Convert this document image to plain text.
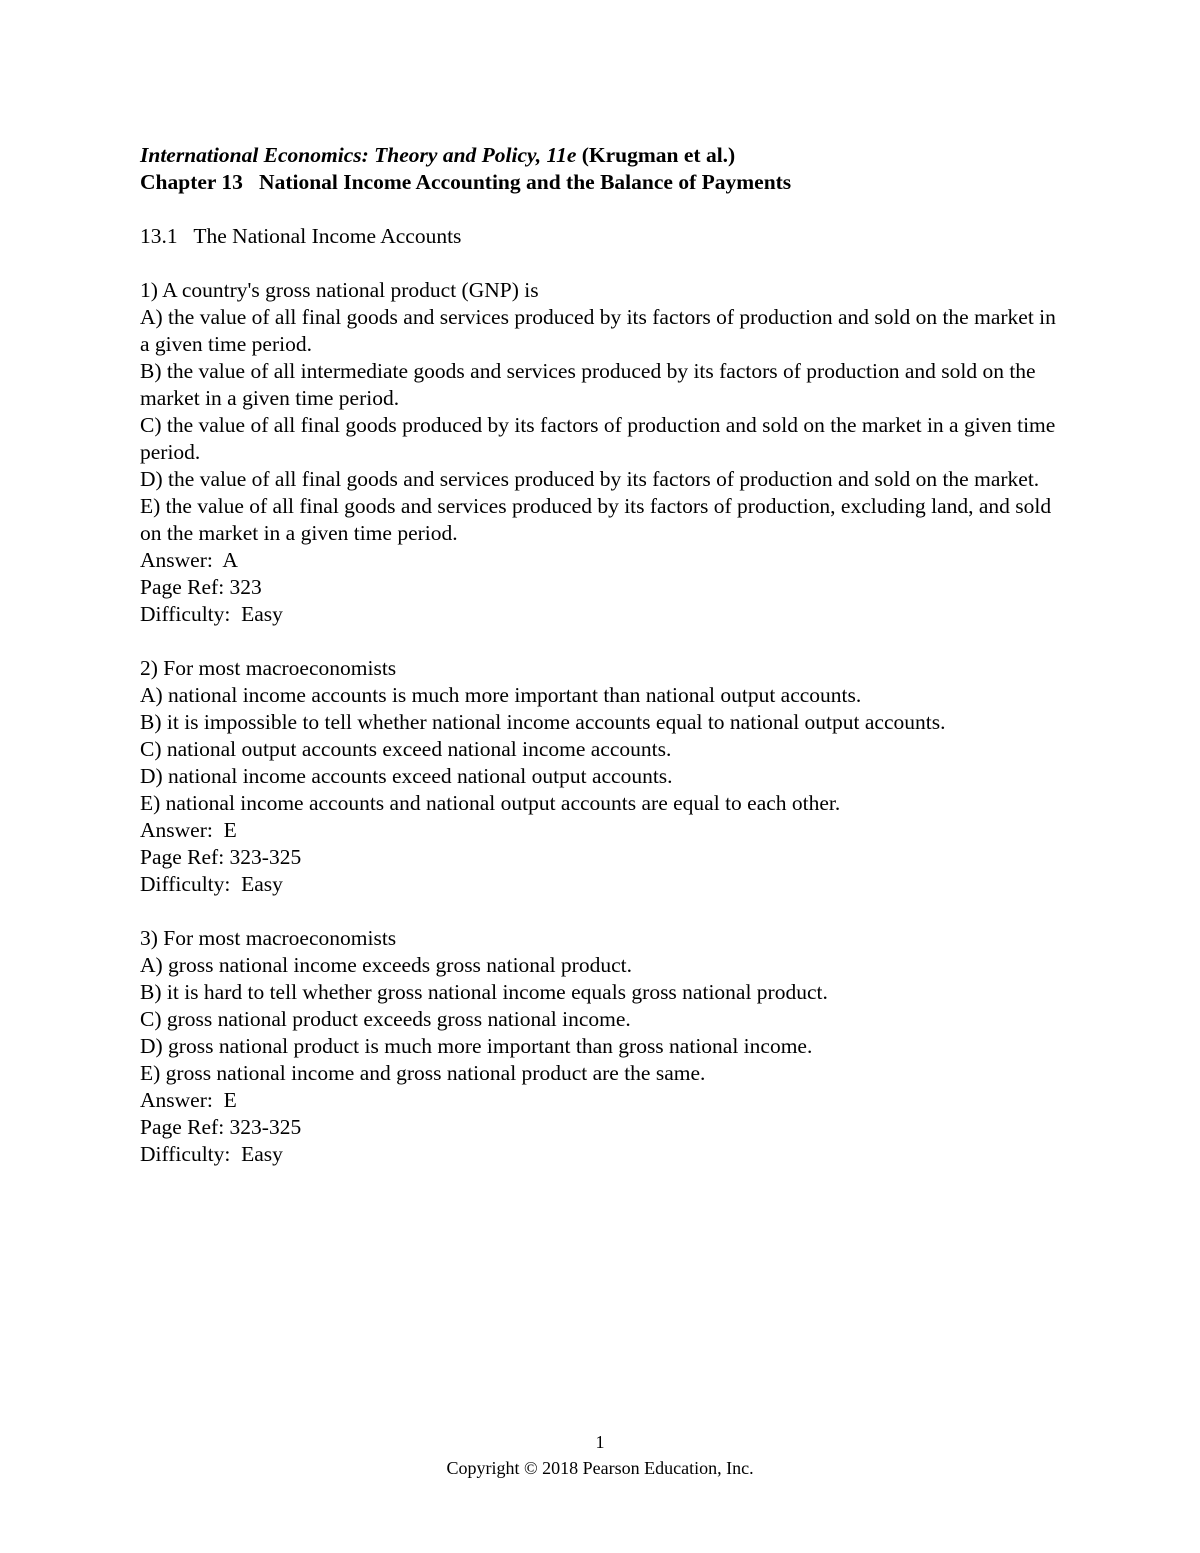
International Economics: Theory and Policy, 11e (Krugman et al.)
Chapter 13   National Income Accounting and the Balance of Payments
13.1   The National Income Accounts
1) A country's gross national product (GNP) is
A) the value of all final goods and services produced by its factors of production and sold on the market in a given time period.
B) the value of all intermediate goods and services produced by its factors of production and sold on the market in a given time period.
C) the value of all final goods produced by its factors of production and sold on the market in a given time period.
D) the value of all final goods and services produced by its factors of production and sold on the market.
E) the value of all final goods and services produced by its factors of production, excluding land, and sold on the market in a given time period.
Answer:  A
Page Ref: 323
Difficulty:  Easy
2) For most macroeconomists
A) national income accounts is much more important than national output accounts.
B) it is impossible to tell whether national income accounts equal to national output accounts.
C) national output accounts exceed national income accounts.
D) national income accounts exceed national output accounts.
E) national income accounts and national output accounts are equal to each other.
Answer:  E
Page Ref: 323-325
Difficulty:  Easy
3) For most macroeconomists
A) gross national income exceeds gross national product.
B) it is hard to tell whether gross national income equals gross national product.
C) gross national product exceeds gross national income.
D) gross national product is much more important than gross national income.
E) gross national income and gross national product are the same.
Answer:  E
Page Ref: 323-325
Difficulty:  Easy
1
Copyright © 2018 Pearson Education, Inc.
